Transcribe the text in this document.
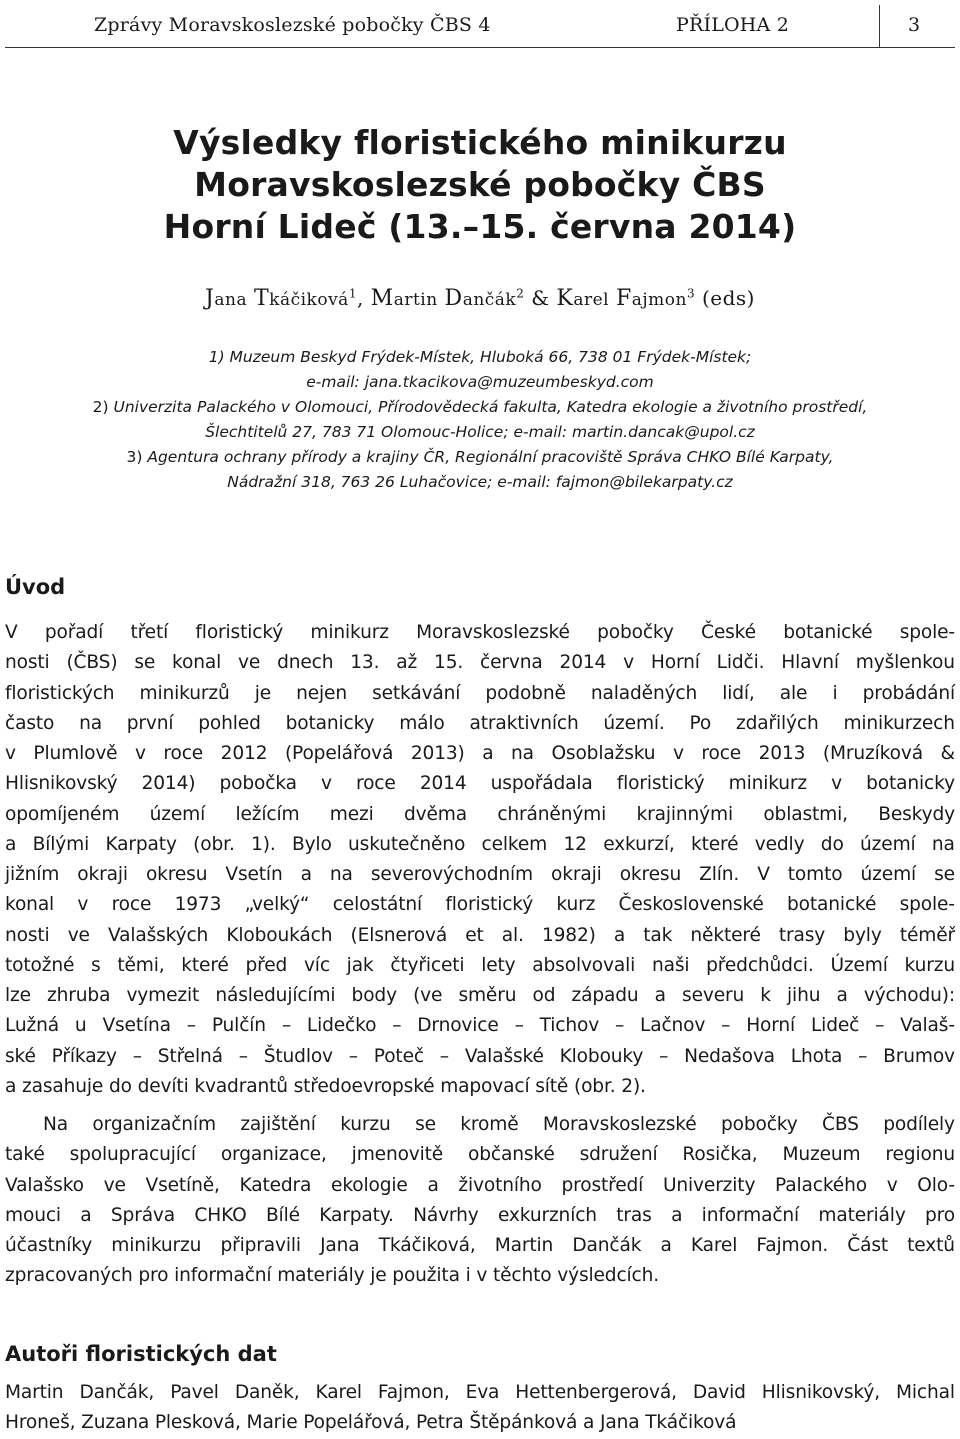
Zprávy Moravskoslezské pobočky ČBS 4	PŘÍLOHA 2	3
Výsledky floristického minikurzu
Moravskoslezské pobočky ČBS
Horní Lideč (13.–15. června 2014)
Jana Tkáčiková$^1$, Martin Dančák$^2$ & Karel Fajmon$^3$ (eds)
1) Muzeum Beskyd Frýdek-Místek, Hluboká 66, 738 01 Frýdek-Místek;
e-mail: jana.tkacikova@muzeumbeskyd.com
2) Univerzita Palackého v Olomouci, Přírodovědecká fakulta, Katedra ekologie a životního prostředí,
Šlechtitelů 27, 783 71 Olomouc-Holice; e-mail: martin.dancak@upol.cz
3) Agentura ochrany přírody a krajiny ČR, Regionální pracoviště Správa CHKO Bílé Karpaty,
Nádražní 318, 763 26 Luhačovice; e-mail: fajmon@bilekarpaty.cz
Úvod
V pořadí třetí floristický minikurz Moravskoslezské pobočky České botanické spole-
nosti (ČBS) se konal ve dnech 13. až 15. června 2014 v Horní Lidči. Hlavní myšlenkou
floristických minikurzů je nejen setkávání podobně naladěných lidí, ale i probádání
často na první pohled botanicky málo atraktivních území. Po zdařilých minikurzech
v Plumlově v roce 2012 (Popelářová 2013) a na Osoblažsku v roce 2013 (Mruzíková &
Hlisnikovský 2014) pobočka v roce 2014 uspořádala floristický minikurz v botanicky
opomíjeném území ležícím mezi dvěma chráněnými krajinnými oblastmi, Beskydy
a Bílými Karpaty (obr. 1). Bylo uskutečněno celkem 12 exkurzí, které vedly do území na
jižním okraji okresu Vsetín a na severovýchodním okraji okresu Zlín. V tomto území se
konal v roce 1973 „velký“ celostátní floristický kurz Československé botanické spole-
nosti ve Valašských Kloboukách (Elsnerová et al. 1982) a tak některé trasy byly téměř
totožné s těmi, které před víc jak čtyřiceti lety absolvovali naši předchůdci. Území kurzu
lze zhruba vymezit následujícími body (ve směru od západu a severu k jihu a východu):
Lužná u Vsetína – Pulčín – Lidečko – Drnovice – Tichov – Lačnov – Horní Lideč – Valaš-
ské Příkazy – Střelná – Študlov – Poteč – Valašské Klobouky – Nedašova Lhota – Brumov
a zasahuje do devíti kvadrantů středoevropské mapovací sítě (obr. 2).
Na organizačním zajištění kurzu se kromě Moravskoslezské pobočky ČBS podílely
také spolupracující organizace, jmenovitě občanské sdružení Rosička, Muzeum regionu
Valašsko ve Vsetíně, Katedra ekologie a životního prostředí Univerzity Palackého v Olo-
mouci a Správa CHKO Bílé Karpaty. Návrhy exkurzních tras a informační materiály pro
účastníky minikurzu připravili Jana Tkáčiková, Martin Dančák a Karel Fajmon. Část textů
zpracovaných pro informační materiály je použita i v těchto výsledcích.
Autoři floristických dat
Martin Dančák, Pavel Daněk, Karel Fajmon, Eva Hettenbergerová, David Hlisnikovský, Michal
Hroneš, Zuzana Plesková, Marie Popelářová, Petra Štěpánková a Jana Tkáčiková
